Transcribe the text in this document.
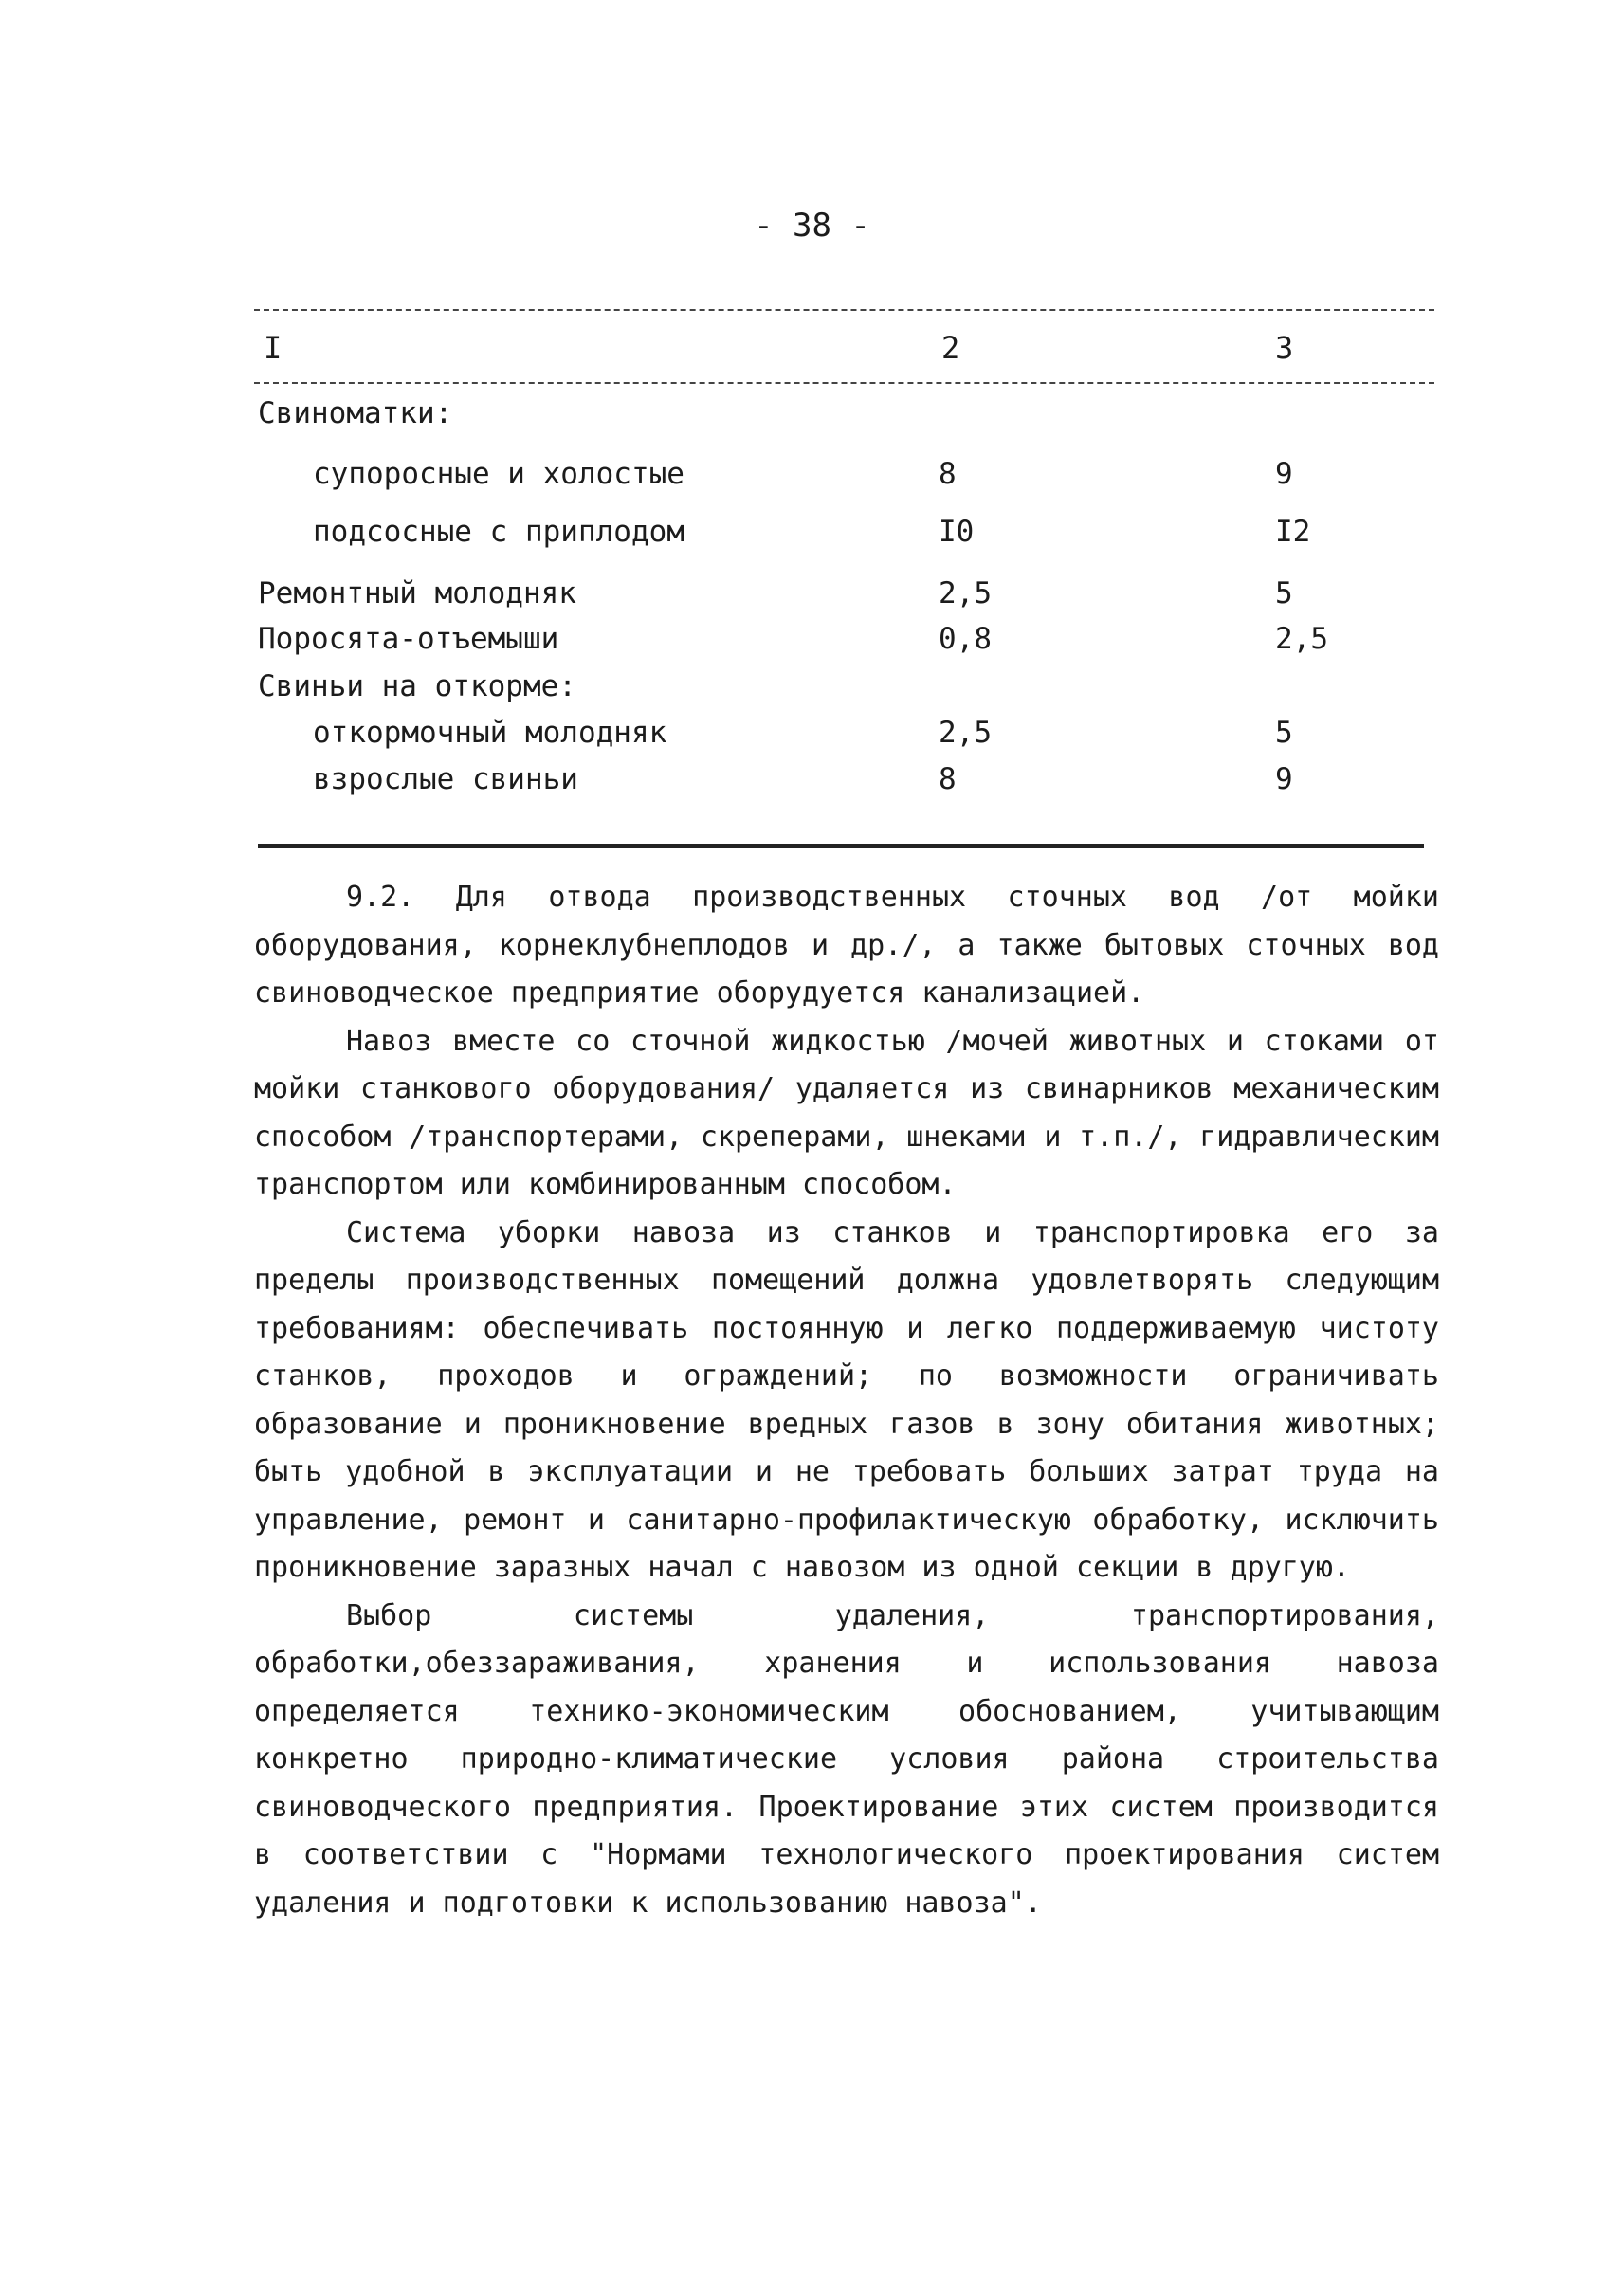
- 38 -
I	2	3
Свиноматки:
супоросные и холостые	8	9
подсосные с приплодом	I0	I2
Ремонтный молодняк	2,5	5
Поросята-отъемыши	0,8	2,5
Свиньи на откорме:
откормочный молодняк	2,5	5
взрослые свиньи	8	9

9.2. Для отвода производственных сточных вод /от мойки оборудования, корнеклубнеплодов и др./, а также бытовых сточных вод свиноводческое предприятие оборудуется канализацией.

Навоз вместе со сточной жидкостью /мочей животных и стоками от мойки станкового оборудования/ удаляется из свинарников механическим способом /транспортерами, скреперами, шнеками и т.п./, гидравлическим транспортом или комбинированным способом.

Система уборки навоза из станков и транспортировка его за пределы производственных помещений должна удовлетворять следующим требованиям: обеспечивать постоянную и легко поддерживаемую чистоту станков, проходов и ограждений; по возможности ограничивать образование и проникновение вредных газов в зону обитания животных; быть удобной в эксплуатации и не требовать больших затрат труда на управление, ремонт и санитарно-профилактическую обработку, исключить проникновение заразных начал с навозом из одной секции в другую.

Выбор системы удаления, транспортирования, обработки,обеззараживания, хранения и использования навоза определяется технико-экономическим обоснованием, учитывающим конкретно природно-климатические условия района строительства свиноводческого предприятия. Проектирование этих систем производится в соответствии с "Нормами технологического проектирования систем удаления и подготовки к использованию навоза".
